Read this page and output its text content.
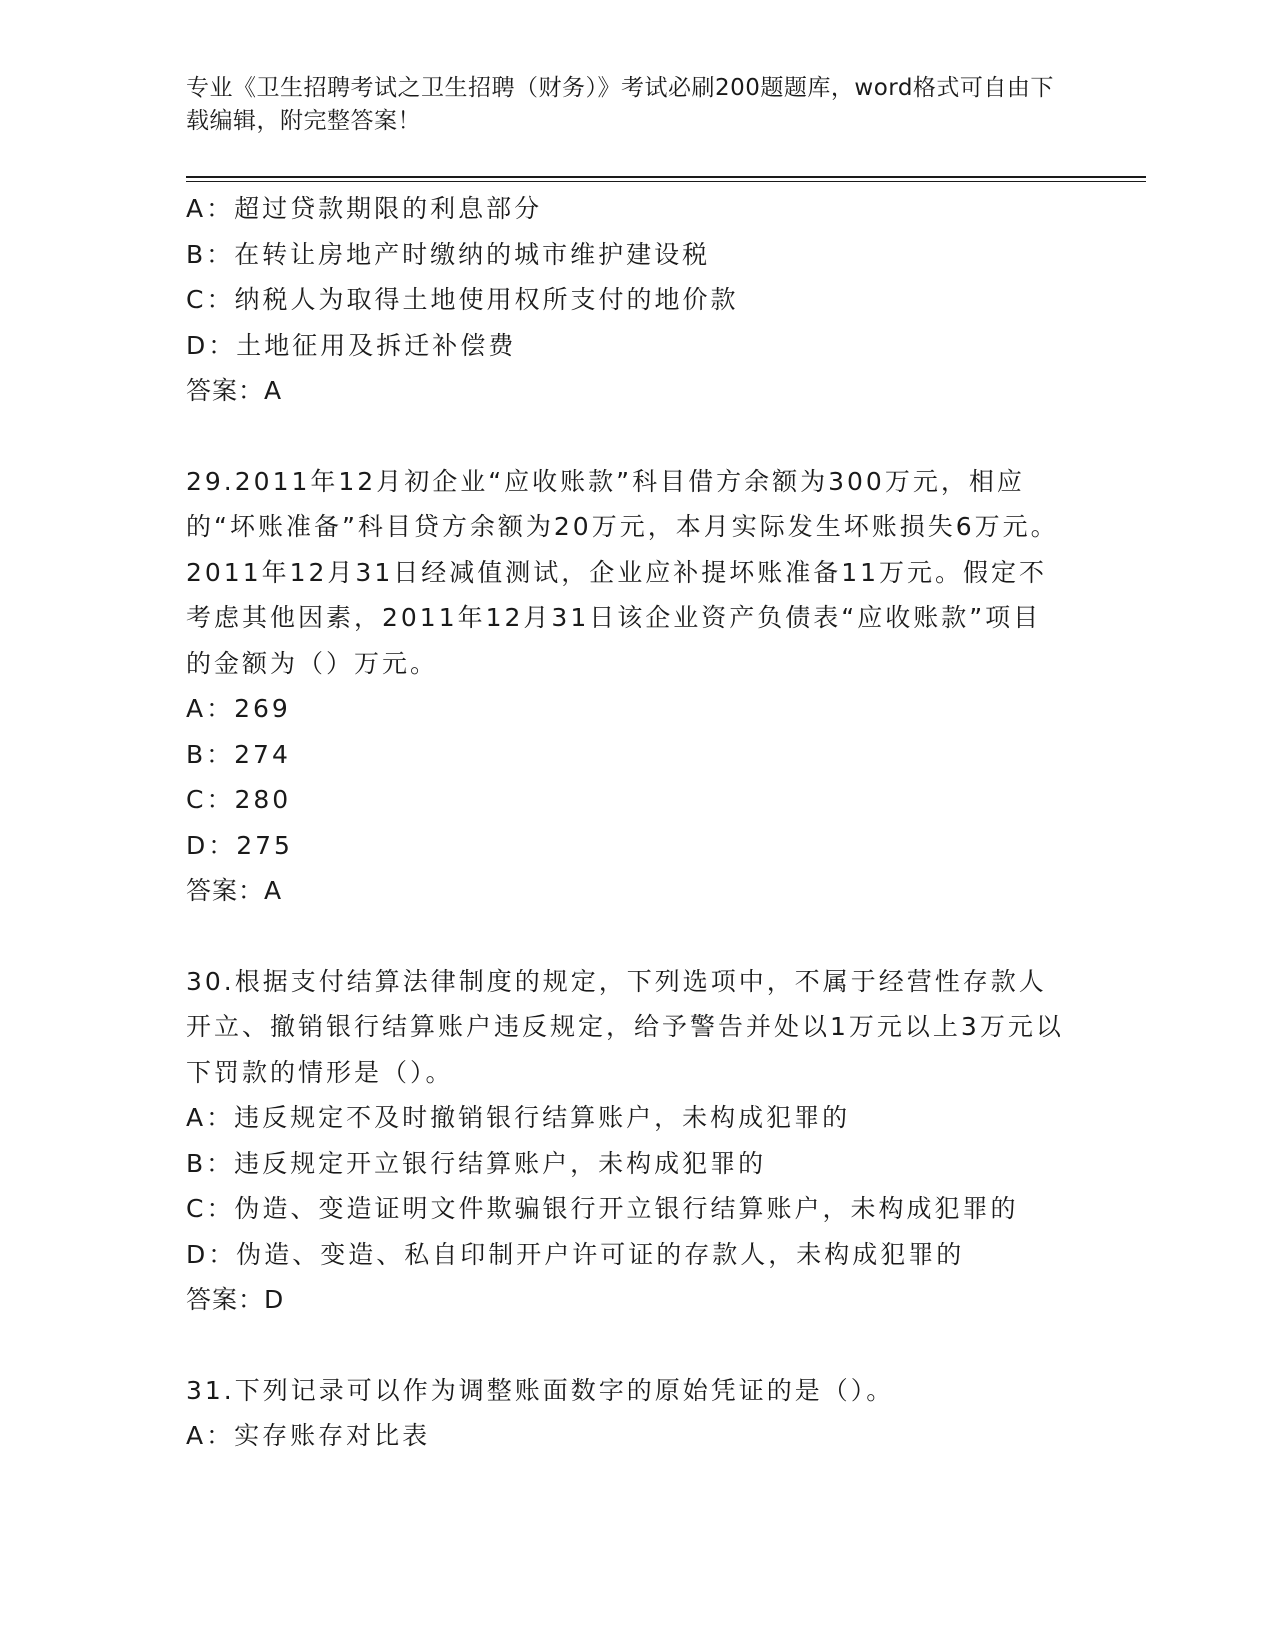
专业《卫生招聘考试之卫生招聘（财务）》考试必刷200题题库，word格式可自由下载编辑，附完整答案！
A：超过贷款期限的利息部分
B：在转让房地产时缴纳的城市维护建设税
C：纳税人为取得土地使用权所支付的地价款
D：土地征用及拆迁补偿费
答案：A
29.2011年12月初企业“应收账款”科目借方余额为300万元，相应的“坏账准备”科目贷方余额为20万元，本月实际发生坏账损失6万元。2011年12月31日经减值测试，企业应补提坏账准备11万元。假定不考虑其他因素，2011年12月31日该企业资产负债表“应收账款”项目的金额为（）万元。
A：269
B：274
C：280
D：275
答案：A
30.根据支付结算法律制度的规定，下列选项中，不属于经营性存款人开立、撤销银行结算账户违反规定，给予警告并处以1万元以上3万元以下罚款的情形是（）。
A：违反规定不及时撤销银行结算账户，未构成犯罪的
B：违反规定开立银行结算账户，未构成犯罪的
C：伪造、变造证明文件欺骗银行开立银行结算账户，未构成犯罪的
D：伪造、变造、私自印制开户许可证的存款人，未构成犯罪的
答案：D
31.下列记录可以作为调整账面数字的原始凭证的是（）。
A：实存账存对比表
